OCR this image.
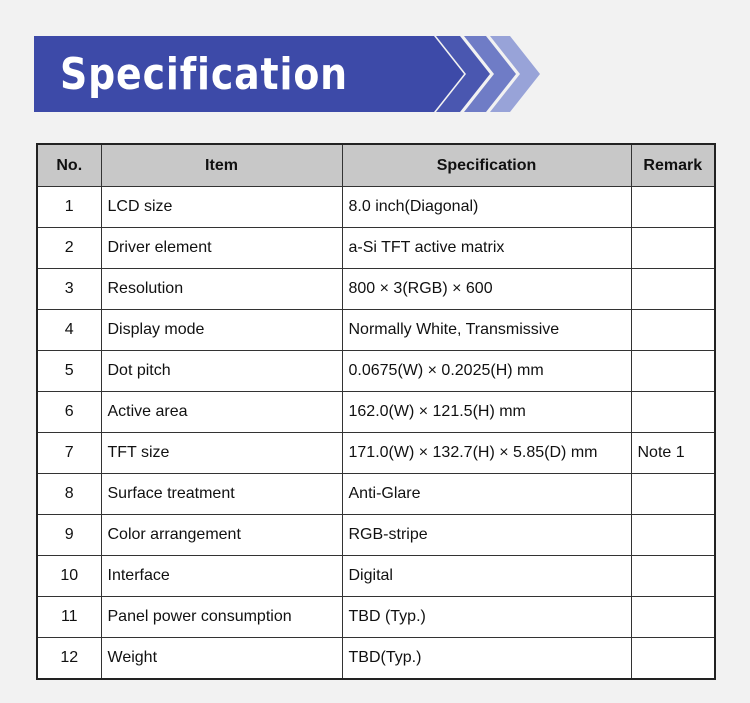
Specification
No.	Item	Specification	Remark
1	LCD size	8.0 inch(Diagonal)	
2	Driver element	a-Si TFT active matrix	
3	Resolution	800 × 3(RGB) × 600	
4	Display mode	Normally White, Transmissive	
5	Dot pitch	0.0675(W) × 0.2025(H) mm	
6	Active area	162.0(W) × 121.5(H) mm	
7	TFT size	171.0(W) × 132.7(H) × 5.85(D) mm	Note 1
8	Surface treatment	Anti-Glare	
9	Color arrangement	RGB-stripe	
10	Interface	Digital	
11	Panel power consumption	TBD (Typ.)	
12	Weight	TBD(Typ.)	
